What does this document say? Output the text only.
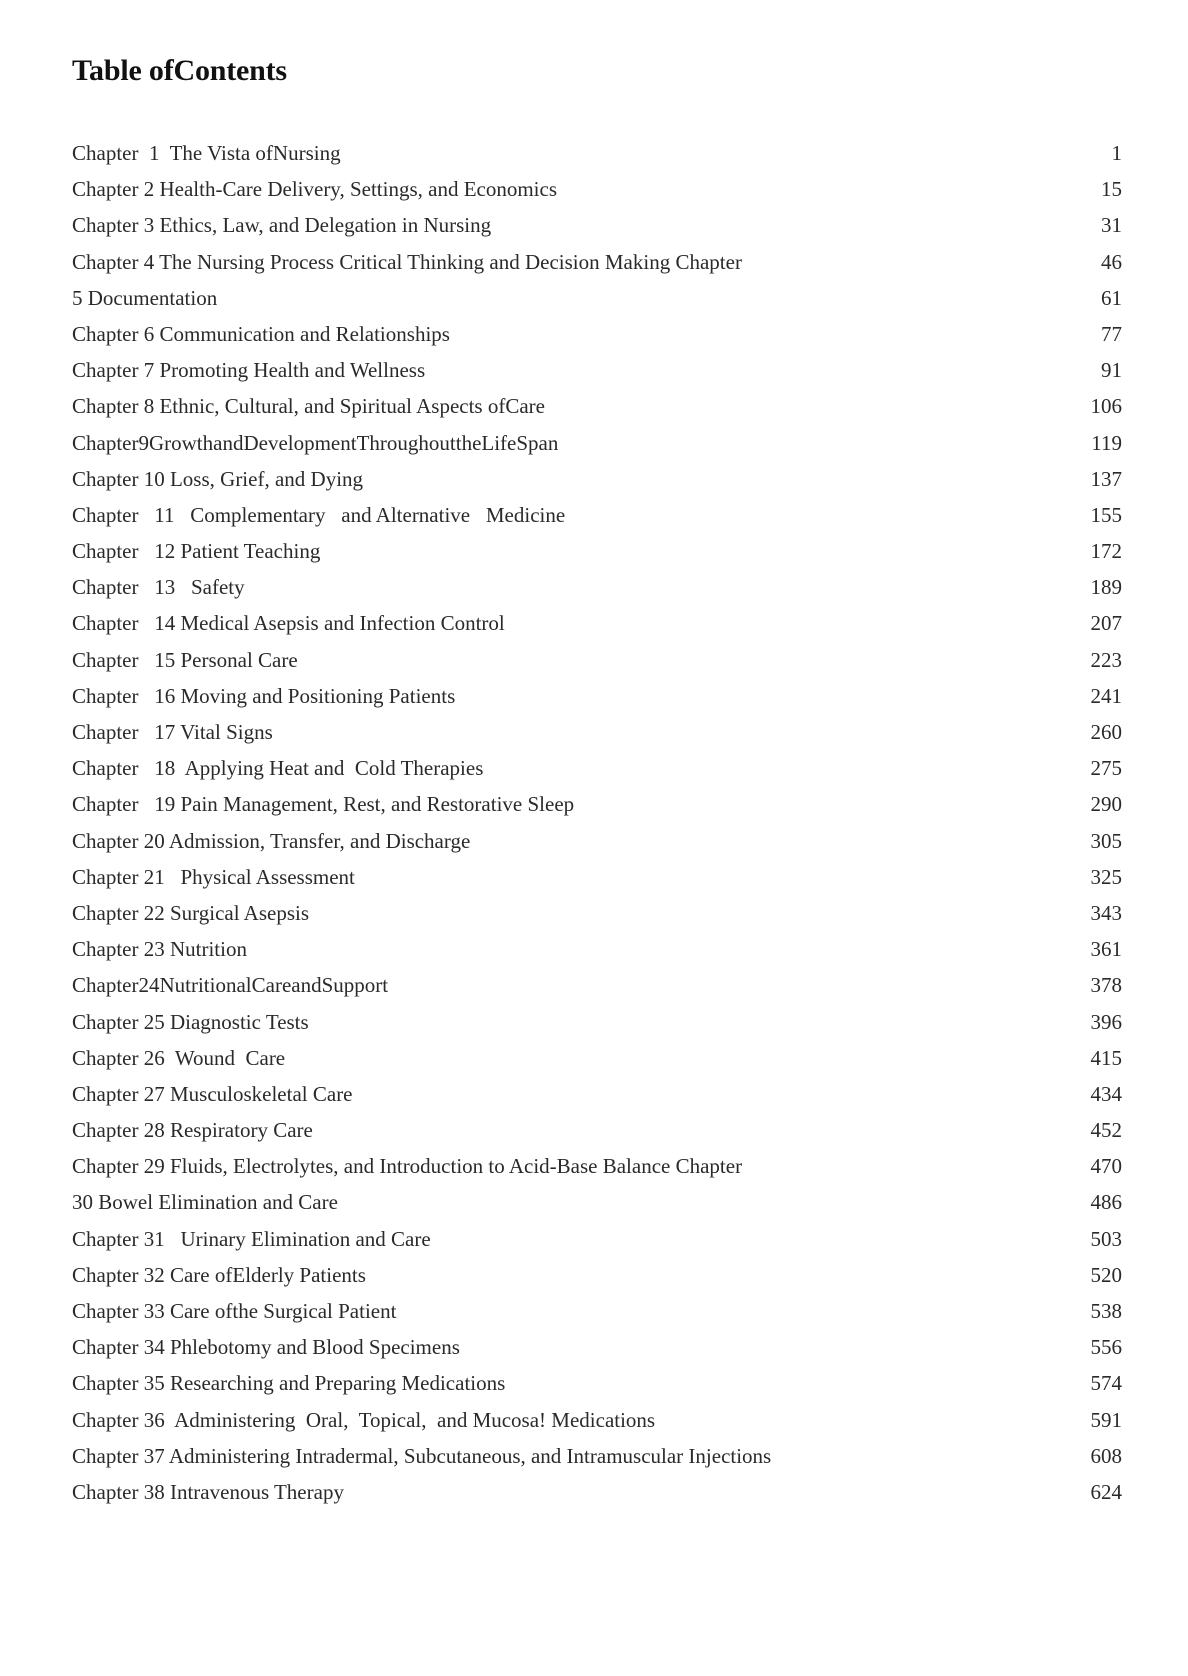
Table ofContents
Chapter  1  The Vista ofNursing	1
Chapter 2 Health-Care Delivery, Settings, and Economics	15
Chapter 3 Ethics, Law, and Delegation in Nursing	31
Chapter 4 The Nursing Process Critical Thinking and Decision Making Chapter	46
5 Documentation	61
Chapter 6 Communication and Relationships	77
Chapter 7 Promoting Health and Wellness	91
Chapter 8 Ethnic, Cultural, and Spiritual Aspects ofCare	106
Chapter9GrowthandDevelopmentThroughouttheLifeSpan	119
Chapter 10 Loss, Grief, and Dying	137
Chapter   11   Complementary   and Alternative   Medicine	155
Chapter   12 Patient Teaching	172
Chapter   13   Safety	189
Chapter   14 Medical Asepsis and Infection Control	207
Chapter   15 Personal Care	223
Chapter   16 Moving and Positioning Patients	241
Chapter   17 Vital Signs	260
Chapter   18  Applying Heat and  Cold Therapies	275
Chapter   19 Pain Management, Rest, and Restorative Sleep	290
Chapter 20 Admission, Transfer, and Discharge	305
Chapter 21   Physical Assessment	325
Chapter 22 Surgical Asepsis	343
Chapter 23 Nutrition	361
Chapter24NutritionalCareandSupport	378
Chapter 25 Diagnostic Tests	396
Chapter 26  Wound  Care	415
Chapter 27 Musculoskeletal Care	434
Chapter 28 Respiratory Care	452
Chapter 29 Fluids, Electrolytes, and Introduction to Acid-Base Balance Chapter	470
30 Bowel Elimination and Care	486
Chapter 31   Urinary Elimination and Care	503
Chapter 32 Care ofElderly Patients	520
Chapter 33 Care ofthe Surgical Patient	538
Chapter 34 Phlebotomy and Blood Specimens	556
Chapter 35 Researching and Preparing Medications	574
Chapter 36  Administering  Oral,  Topical,  and Mucosa! Medications	591
Chapter 37 Administering Intradermal, Subcutaneous, and Intramuscular Injections	608
Chapter 38 Intravenous Therapy	624
